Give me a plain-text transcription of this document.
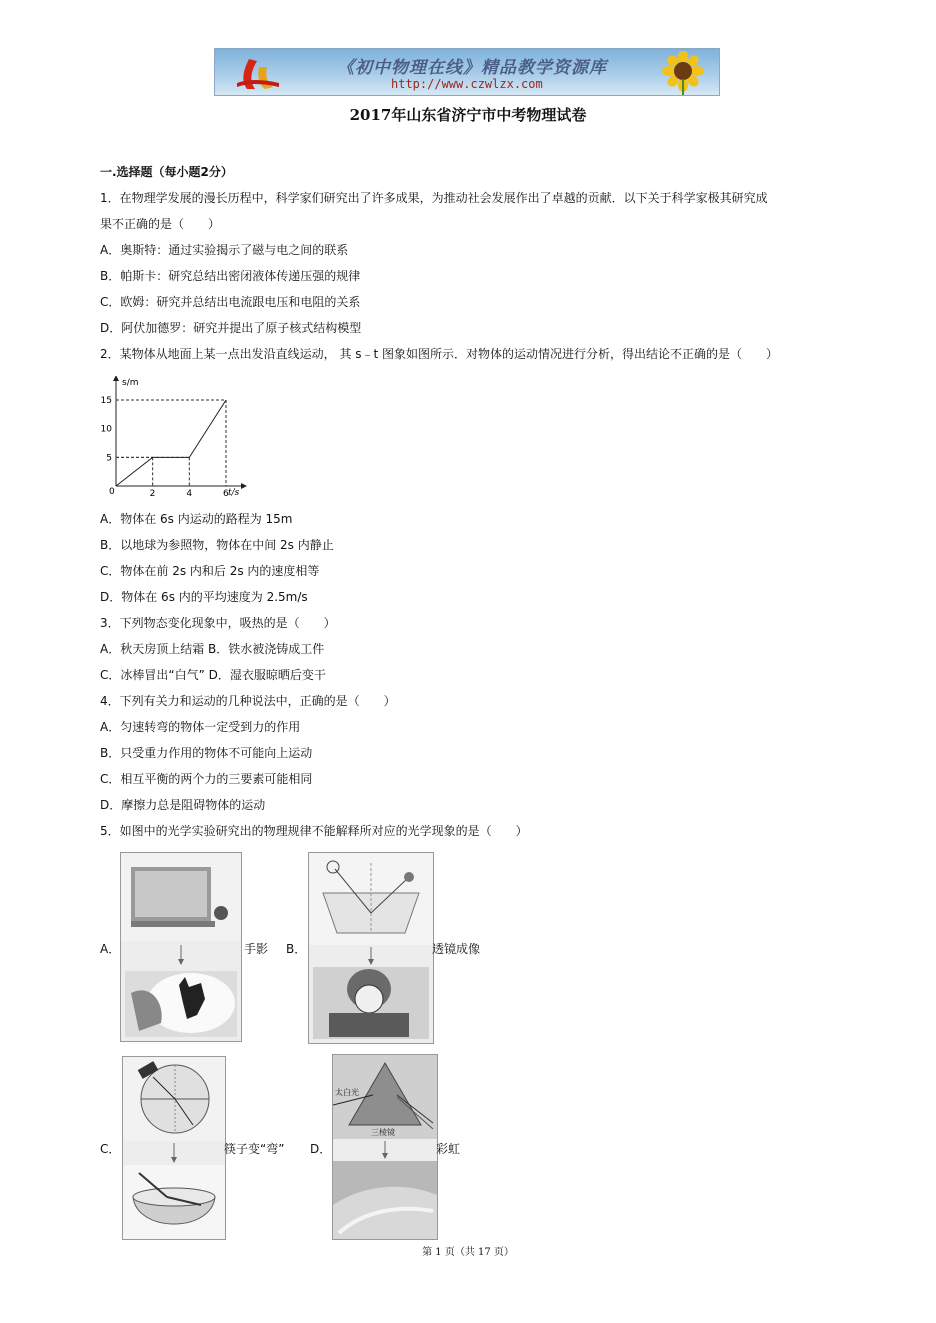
《初中物理在线》精品教学资源库
http://www.czwlzx.com
2017年山东省济宁市中考物理试卷
一.选择题（每小题2分）
1．在物理学发展的漫长历程中，科学家们研究出了许多成果，为推动社会发展作出了卓越的贡献．以下关于科学家极其研究成
果不正确的是（　　）
A．奥斯特：通过实验揭示了磁与电之间的联系
B．帕斯卡：研究总结出密闭液体传递压强的规律
C．欧姆：研究并总结出电流跟电压和电阻的关系
D．阿伏加德罗：研究并提出了原子核式结构模型
2．某物体从地面上某一点出发沿直线运动， 其 s﹣t 图象如图所示．对物体的运动情况进行分析，得出结论不正确的是（　　）
2	4	6
5
10
15
s/m
t/s
0
A．物体在 6s 内运动的路程为 15m
B．以地球为参照物，物体在中间 2s 内静止
C．物体在前 2s 内和后 2s 内的速度相等
D．物体在 6s 内的平均速度为 2.5m/s
3．下列物态变化现象中，吸热的是（　　）
A．秋天房顶上结霜 B．铁水被浇铸成工件
C．冰棒冒出“白气” D．湿衣服晾晒后变干
4．下列有关力和运动的几种说法中，正确的是（　　）
A．匀速转弯的物体一定受到力的作用
B．只受重力作用的物体不可能向上运动
C．相互平衡的两个力的三要素可能相同
D．摩擦力总是阻碍物体的运动
5．如图中的光学实验研究出的物理规律不能解释所对应的光学现象的是（　　）
A．	手影 B．	透镜成像
C．	筷子变“弯” D．
太白光
三棱镜
彩虹
第 1 页（共 17 页）
